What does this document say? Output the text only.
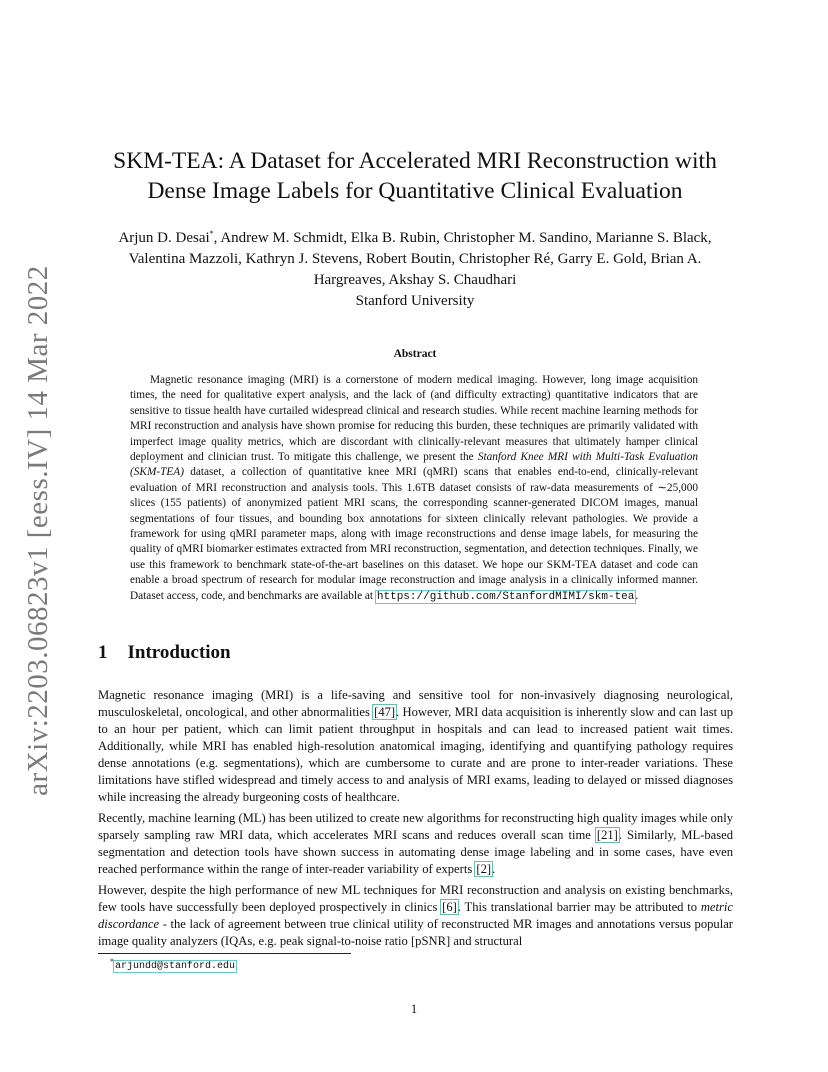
arXiv:2203.06823v1 [eess.IV] 14 Mar 2022
SKM-TEA: A Dataset for Accelerated MRI Reconstruction with
Dense Image Labels for Quantitative Clinical Evaluation
Arjun D. Desai*, Andrew M. Schmidt, Elka B. Rubin, Christopher M. Sandino, Marianne S. Black,
Valentina Mazzoli, Kathryn J. Stevens, Robert Boutin, Christopher Ré, Garry E. Gold, Brian A.
Hargreaves, Akshay S. Chaudhari
Stanford University
Abstract

Magnetic resonance imaging (MRI) is a cornerstone of modern medical imaging. However, long image acquisition times, the need for qualitative expert analysis, and the lack of (and difficulty extracting) quantitative indicators that are sensitive to tissue health have curtailed widespread clinical and research studies. While recent machine learning methods for MRI reconstruction and analysis have shown promise for reducing this burden, these techniques are primarily validated with imperfect image quality metrics, which are discordant with clinically-relevant measures that ultimately hamper clinical deployment and clinician trust. To mitigate this challenge, we present the Stanford Knee MRI with Multi-Task Evaluation (SKM-TEA) dataset, a collection of quantitative knee MRI (qMRI) scans that enables end-to-end, clinically-relevant evaluation of MRI reconstruction and analysis tools. This 1.6TB dataset consists of raw-data measurements of ∼25,000 slices (155 patients) of anonymized patient MRI scans, the corresponding scanner-generated DICOM images, manual segmentations of four tissues, and bounding box annotations for sixteen clinically relevant pathologies. We provide a framework for using qMRI parameter maps, along with image reconstructions and dense image labels, for measuring the quality of qMRI biomarker estimates extracted from MRI reconstruction, segmentation, and detection techniques. Finally, we use this framework to benchmark state-of-the-art baselines on this dataset. We hope our SKM-TEA dataset and code can enable a broad spectrum of research for modular image reconstruction and image analysis in a clinically informed manner. Dataset access, code, and benchmarks are available at https://github.com/StanfordMIMI/skm-tea.

1 Introduction

Magnetic resonance imaging (MRI) is a life-saving and sensitive tool for non-invasively diagnosing neurological, musculoskeletal, oncological, and other abnormalities [47]. However, MRI data acquisition is inherently slow and can last up to an hour per patient, which can limit patient throughput in hospitals and can lead to increased patient wait times. Additionally, while MRI has enabled high-resolution anatomical imaging, identifying and quantifying pathology requires dense annotations (e.g. segmentations), which are cumbersome to curate and are prone to inter-reader variations. These limitations have stifled widespread and timely access to and analysis of MRI exams, leading to delayed or missed diagnoses while increasing the already burgeoning costs of healthcare.

Recently, machine learning (ML) has been utilized to create new algorithms for reconstructing high quality images while only sparsely sampling raw MRI data, which accelerates MRI scans and reduces overall scan time [21]. Similarly, ML-based segmentation and detection tools have shown success in automating dense image labeling and in some cases, have even reached performance within the range of inter-reader variability of experts [2].

However, despite the high performance of new ML techniques for MRI reconstruction and analysis on existing benchmarks, few tools have successfully been deployed prospectively in clinics [6]. This translational barrier may be attributed to metric discordance - the lack of agreement between true clinical utility of reconstructed MR images and annotations versus popular image quality analyzers (IQAs, e.g. peak signal-to-noise ratio [pSNR] and structural

*arjundd@stanford.edu
1
